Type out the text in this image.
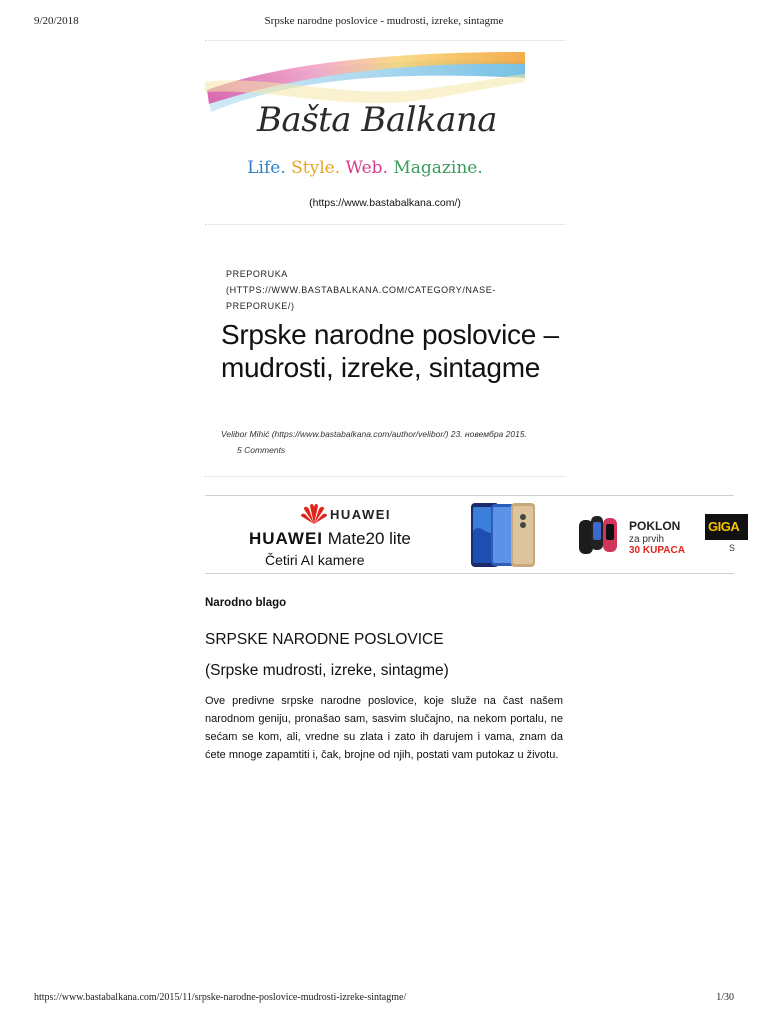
9/20/2018	Srpske narodne poslovice - mudrosti, izreke, sintagme
Bašta Balkana
Life. Style. Web. Magazine.
(https://www.bastabalkana.com/)
PREPORUKA
(HTTPS://WWW.BASTABALKANA.COM/CATEGORY/NASE-
PREPORUKE/)
Srpske narodne poslovice – mudrosti, izreke, sintagme
Velibor Mihić (https://www.bastabalkana.com/author/velibor/) 23. новембра 2015.
5 Comments
HUAWEI
HUAWEI Mate20 lite
Četiri AI kamere
POKLON
za prvih
30 KUPACA
GIGA
S
Narodno blago
SRPSKE NARODNE POSLOVICE
(Srpske mudrosti, izreke, sintagme)

Ove predivne srpske narodne poslovice, koje služe na čast našem narodnom geniju, pronašao sam, sasvim slučajno, na nekom portalu, ne sećam se kom, ali, vredne su zlata i zato ih darujem i vama, znam da ćete mnoge zapamtiti i, čak, brojne od njih, postati vam putokaz u životu.

https://www.bastabalkana.com/2015/11/srpske-narodne-poslovice-mudrosti-izreke-sintagme/	1/30
